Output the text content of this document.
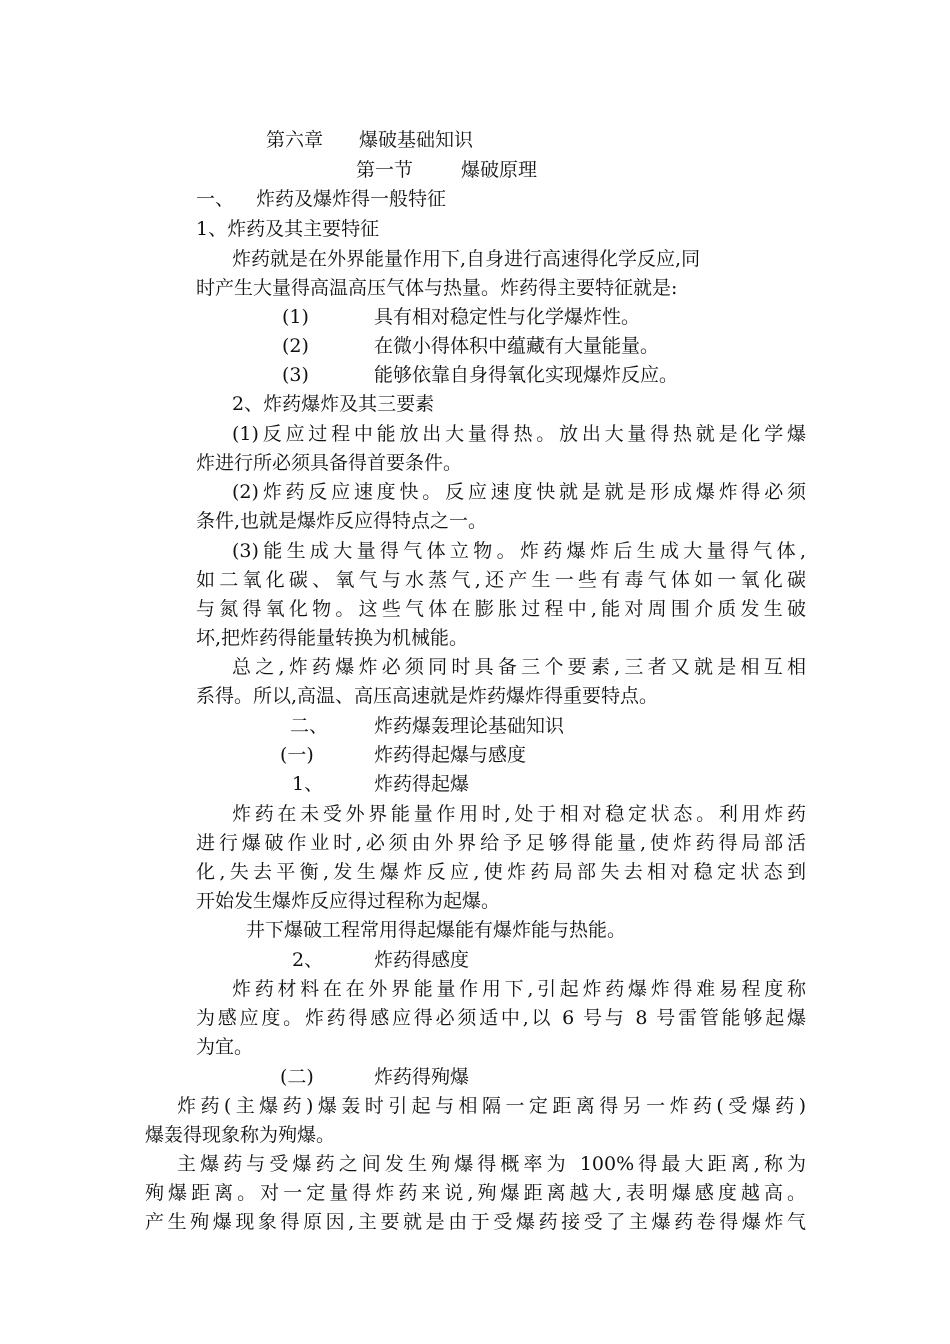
第六章 爆破基础知识
第一节	爆破原理
一、 炸药及爆炸得一般特征
1、炸药及其主要特征
炸药就是在外界能量作用下,自身进行高速得化学反应,同
时产生大量得高温高压气体与热量。炸药得主要特征就是:
(1)	具有相对稳定性与化学爆炸性。
(2)	在微小得体积中蕴藏有大量能量。
(3)	能够依靠自身得氧化实现爆炸反应。
2、炸药爆炸及其三要素
(1)反应过程中能放出大量得热。放出大量得热就是化学爆
炸进行所必须具备得首要条件。
(2)炸药反应速度快。反应速度快就是就是形成爆炸得必须
条件,也就是爆炸反应得特点之一。
(3)能生成大量得气体立物。炸药爆炸后生成大量得气体,
如二氧化碳、氧气与水蒸气,还产生一些有毒气体如一氧化碳
与氮得氧化物。这些气体在膨胀过程中,能对周围介质发生破
坏,把炸药得能量转换为机械能。
总之,炸药爆炸必须同时具备三个要素,三者又就是相互相
系得。所以,高温、高压高速就是炸药爆炸得重要特点。
二、 炸药爆轰理论基础知识
(一)	炸药得起爆与感度
1、	炸药得起爆
炸药在未受外界能量作用时,处于相对稳定状态。利用炸药
进行爆破作业时,必须由外界给予足够得能量,使炸药得局部活
化,失去平衡,发生爆炸反应,使炸药局部失去相对稳定状态到
开始发生爆炸反应得过程称为起爆。
井下爆破工程常用得起爆能有爆炸能与热能。
2、	炸药得感度
炸药材料在在外界能量作用下,引起炸药爆炸得难易程度称
为感应度。炸药得感应得必须适中,以 6 号与 8 号雷管能够起爆
为宜。
(二)	炸药得殉爆
炸药(主爆药)爆轰时引起与相隔一定距离得另一炸药(受爆药)
爆轰得现象称为殉爆。
主爆药与受爆药之间发生殉爆得概率为 100%得最大距离,称为
殉爆距离。对一定量得炸药来说,殉爆距离越大,表明爆感度越高。
产生殉爆现象得原因,主要就是由于受爆药接受了主爆药卷得爆炸气
